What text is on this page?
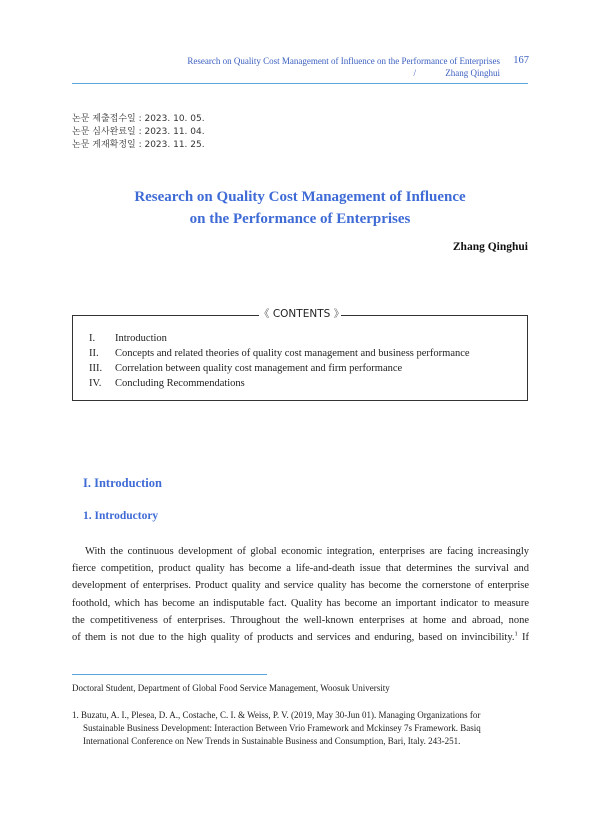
Research on Quality Cost Management of Influence on the Performance of Enterprises
/             Zhang Qinghui
167
논문 제출접수일 : 2023. 10. 05.
논문 심사완료일 : 2023. 11. 04.
논문 게재확정일 : 2023. 11. 25.
Research on Quality Cost Management of Influence
on the Performance of Enterprises
Zhang Qinghui
《 CONTENTS 》
I.	Introduction
II.	Concepts and related theories of quality cost management and business performance
III.	Correlation between quality cost management and firm performance
IV.	Concluding Recommendations
I. Introduction
1. Introductory
With the continuous development of global economic integration, enterprises are facing increasingly
fierce competition, product quality has become a life-and-death issue that determines the survival and
development of enterprises. Product quality and service quality has become the cornerstone of enterprise
foothold, which has become an indisputable fact. Quality has become an important indicator to measure
the competitiveness of enterprises. Throughout the well-known enterprises at home and abroad, none
of them is not due to the high quality of products and services and enduring, based on invincibility.$^1$ If
Doctoral Student, Department of Global Food Service Management, Woosuk University
1. Buzatu, A. I., Plesea, D. A., Costache, C. I. & Weiss, P. V. (2019, May 30-Jun 01). Managing Organizations for
Sustainable Business Development: Interaction Between Vrio Framework and Mckinsey 7s Framework. Basiq
International Conference on New Trends in Sustainable Business and Consumption, Bari, Italy. 243-251.
